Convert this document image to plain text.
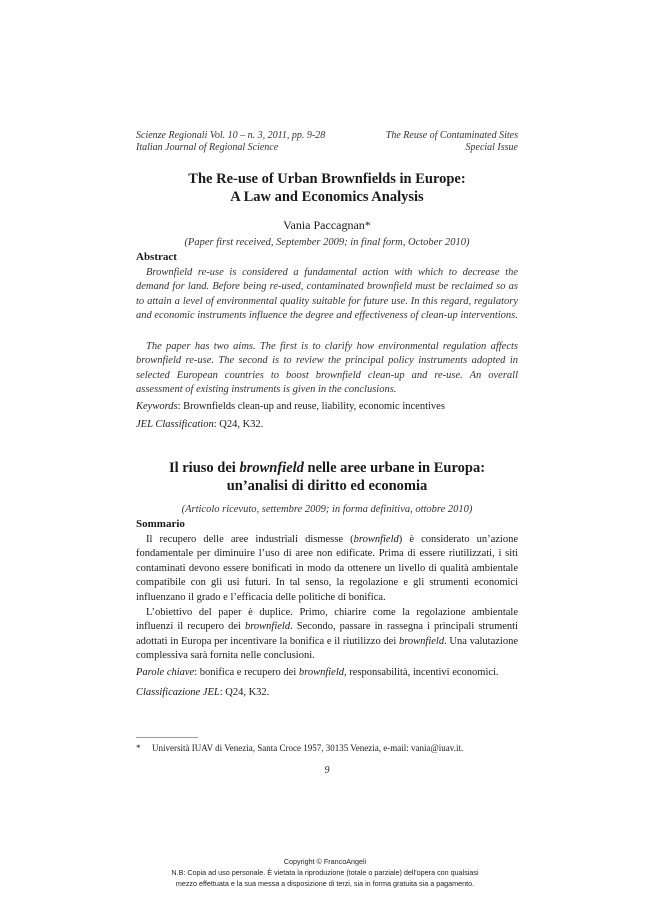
Scienze Regionali Vol. 10 – n. 3, 2011, pp. 9-28
Italian Journal of Regional Science
The Reuse of Contaminated Sites
Special Issue
The Re-use of Urban Brownfields in Europe:
A Law and Economics Analysis
Vania Paccagnan*
(Paper first received, September 2009; in final form, October 2010)
Abstract

Brownfield re-use is considered a fundamental action with which to decrease the demand for land. Before being re-used, contaminated brownfield must be reclaimed so as to attain a level of environmental quality suitable for future use. In this regard, regulatory and economic instruments influence the degree and effectiveness of clean-up interventions.

The paper has two aims. The first is to clarify how environmental regulation affects brownfield re-use. The second is to review the principal policy instruments adopted in selected European countries to boost brownfield clean-up and re-use. An overall assessment of existing instruments is given in the conclusions.

Keywords: Brownfields clean-up and reuse, liability, economic incentives

JEL Classification: Q24, K32.

Il riuso dei brownfield nelle aree urbane in Europa:
un’analisi di diritto ed economia
(Articolo ricevuto, settembre 2009; in forma definitiva, ottobre 2010)
Sommario

Il recupero delle aree industriali dismesse (brownfield) è considerato un’azione fondamentale per diminuire l’uso di aree non edificate. Prima di essere riutilizzati, i siti contaminati devono essere bonificati in modo da ottenere un livello di qualità ambientale compatibile con gli usi futuri. In tal senso, la regolazione e gli strumenti economici influenzano il grado e l’efficacia delle politiche di bonifica.

L’obiettivo del paper è duplice. Primo, chiarire come la regolazione ambientale influenzi il recupero dei brownfield. Secondo, passare in rassegna i principali strumenti adottati in Europa per incentivare la bonifica e il riutilizzo dei brownfield. Una valutazione complessiva sarà fornita nelle conclusioni.

Parole chiave: bonifica e recupero dei brownfield, responsabilità, incentivi economici.

Classificazione JEL: Q24, K32.

* Università IUAV di Venezia, Santa Croce 1957, 30135 Venezia, e-mail: vania@iuav.it.
9
Copyright © FrancoAngeli
N.B: Copia ad uso personale. È vietata la riproduzione (totale o parziale) dell’opera con qualsiasi
mezzo effettuata e la sua messa a disposizione di terzi, sia in forma gratuita sia a pagamento.
